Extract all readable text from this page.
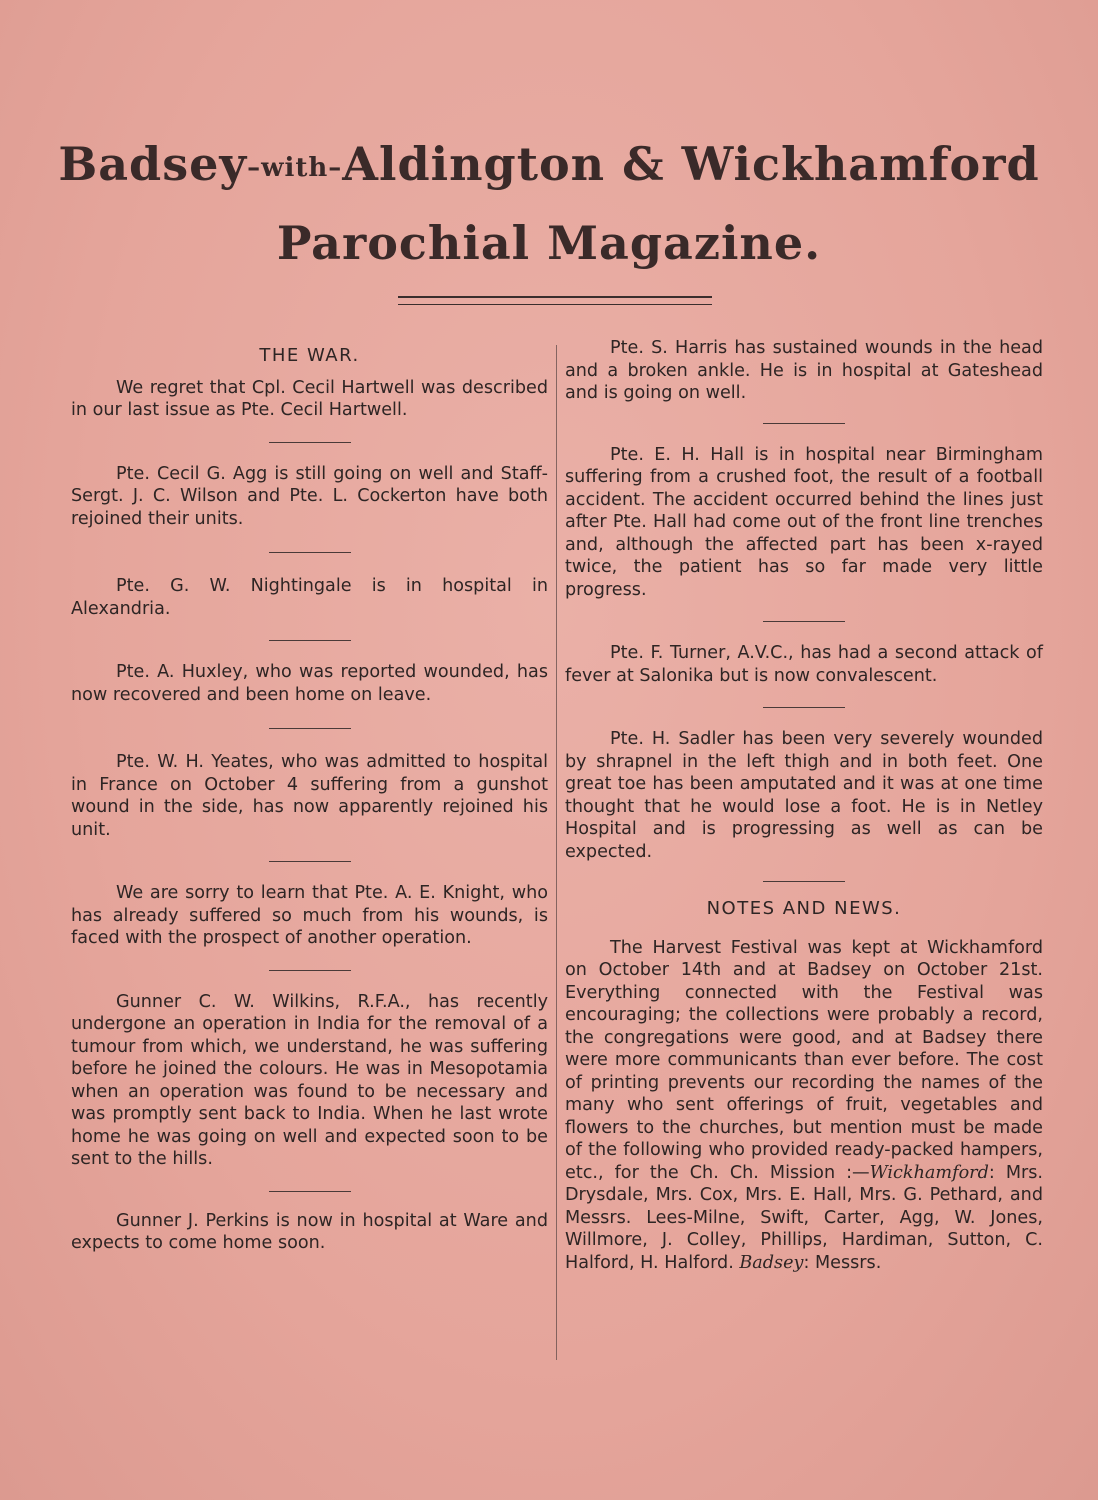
Badsey–with–Aldington & Wickhamford
Parochial Magazine.

THE WAR.

We regret that Cpl. Cecil Hartwell was described in our last issue as Pte. Cecil Hartwell.

Pte. Cecil G. Agg is still going on well and Staff-Sergt. J. C. Wilson and Pte. L. Cockerton have both rejoined their units.

Pte. G. W. Nightingale is in hospital in Alexandria.

Pte. A. Huxley, who was reported wounded, has now recovered and been home on leave.

Pte. W. H. Yeates, who was admitted to hospital in France on October 4 suffering from a gunshot wound in the side, has now apparently rejoined his unit.

We are sorry to learn that Pte. A. E. Knight, who has already suffered so much from his wounds, is faced with the prospect of another operation.

Gunner C. W. Wilkins, R.F.A., has recently undergone an operation in India for the removal of a tumour from which, we understand, he was suffering before he joined the colours. He was in Mesopotamia when an operation was found to be necessary and was promptly sent back to India. When he last wrote home he was going on well and expected soon to be sent to the hills.

Gunner J. Perkins is now in hospital at Ware and expects to come home soon.

Pte. S. Harris has sustained wounds in the head and a broken ankle. He is in hospital at Gateshead and is going on well.

Pte. E. H. Hall is in hospital near Birmingham suffering from a crushed foot, the result of a football accident. The accident occurred behind the lines just after Pte. Hall had come out of the front line trenches and, although the affected part has been x-rayed twice, the patient has so far made very little progress.

Pte. F. Turner, A.V.C., has had a second attack of fever at Salonika but is now convalescent.

Pte. H. Sadler has been very severely wounded by shrapnel in the left thigh and in both feet. One great toe has been amputated and it was at one time thought that he would lose a foot. He is in Netley Hospital and is progressing as well as can be expected.

NOTES AND NEWS.

The Harvest Festival was kept at Wickhamford on October 14th and at Badsey on October 21st. Everything connected with the Festival was encouraging; the collections were probably a record, the congregations were good, and at Badsey there were more communicants than ever before. The cost of printing prevents our recording the names of the many who sent offerings of fruit, vegetables and flowers to the churches, but mention must be made of the following who provided ready-packed hampers, etc., for the Ch. Ch. Mission :—Wickhamford: Mrs. Drysdale, Mrs. Cox, Mrs. E. Hall, Mrs. G. Pethard, and Messrs. Lees-Milne, Swift, Carter, Agg, W. Jones, Willmore, J. Colley, Phillips, Hardiman, Sutton, C. Halford, H. Halford. Badsey: Messrs.
